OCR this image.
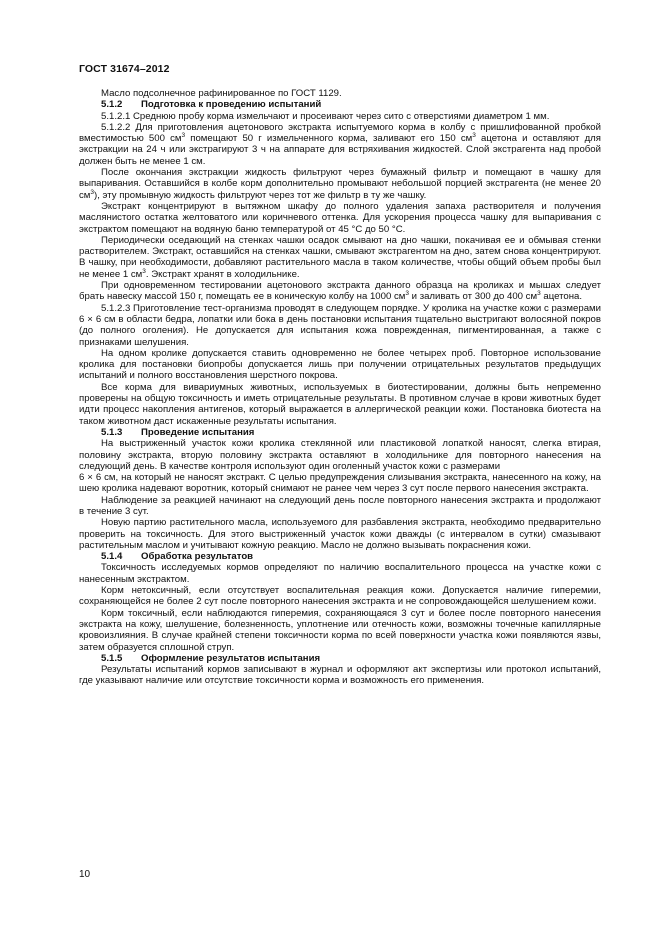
ГОСТ 31674–2012

Масло подсолнечное рафинированное по ГОСТ 1129.

5.1.2 Подготовка к проведению испытаний

5.1.2.1 Среднюю пробу корма измельчают и просеивают через сито с отверстиями диаметром 1 мм.

5.1.2.2 Для приготовления ацетонового экстракта испытуемого корма в колбу с пришлифованной пробкой вместимостью 500 $см^3$ помещают 50 г измельченного корма, заливают его 150 $см^3$ ацетона и оставляют для экстракции на 24 ч или экстрагируют 3 ч на аппарате для встряхивания жидкостей. Слой экстрагента над пробой должен быть не менее 1 см.

После окончания экстракции жидкость фильтруют через бумажный фильтр и помещают в чашку для выпаривания. Оставшийся в колбе корм дополнительно промывают небольшой порцией экстрагента (не менее 20 $см^3$), эту промывную жидкость фильтруют через тот же фильтр в ту же чашку.

Экстракт концентрируют в вытяжном шкафу до полного удаления запаха растворителя и получения маслянистого остатка желтоватого или коричневого оттенка. Для ускорения процесса чашку для выпаривания с экстрактом помещают на водяную баню температурой от 45 °С до 50 °С.

Периодически оседающий на стенках чашки осадок смывают на дно чашки, покачивая ее и обмывая стенки растворителем. Экстракт, оставшийся на стенках чашки, смывают экстрагентом на дно, затем снова концентрируют. В чашку, при необходимости, добавляют растительного масла в таком количестве, чтобы общий объем пробы был не менее 1 $см^3$. Экстракт хранят в холодильнике.

При одновременном тестировании ацетонового экстракта данного образца на кроликах и мышах следует брать навеску массой 150 г, помещать ее в коническую колбу на 1000 $см^3$ и заливать от 300 до 400 $см^3$ ацетона.

5.1.2.3 Приготовление тест-организма проводят в следующем порядке. У кролика на участке кожи с размерами 6 × 6 см в области бедра, лопатки или бока в день постановки испытания тщательно выстригают волосяной покров (до полного оголения). Не допускается для испытания кожа поврежденная, пигментированная, а также с признаками шелушения.

На одном кролике допускается ставить одновременно не более четырех проб. Повторное использование кролика для постановки биопробы допускается лишь при получении отрицательных результатов предыдущих испытаний и полного восстановления шерстного покрова.

Все корма для вивариумных животных, используемых в биотестировании, должны быть непременно проверены на общую токсичность и иметь отрицательные результаты. В противном случае в крови животных будет идти процесс накопления антигенов, который выражается в аллергической реакции кожи. Постановка биотеста на таком животном даст искаженные результаты испытания.

5.1.3 Проведение испытания

На выстриженный участок кожи кролика стеклянной или пластиковой лопаткой наносят, слегка втирая, половину экстракта, вторую половину экстракта оставляют в холодильнике для повторного нанесения на следующий день. В качестве контроля используют один оголенный участок кожи с размерами

6 × 6 см, на который не наносят экстракт. С целью предупреждения слизывания экстракта, нанесенного на кожу, на шею кролика надевают воротник, который снимают не ранее чем через 3 сут после первого нанесения экстракта.

Наблюдение за реакцией начинают на следующий день после повторного нанесения экстракта и продолжают в течение 3 сут.

Новую партию растительного масла, используемого для разбавления экстракта, необходимо предварительно проверить на токсичность. Для этого выстриженный участок кожи дважды (с интервалом в сутки) смазывают растительным маслом и учитывают кожную реакцию. Масло не должно вызывать покраснения кожи.

5.1.4 Обработка результатов

Токсичность исследуемых кормов определяют по наличию воспалительного процесса на участке кожи с нанесенным экстрактом.

Корм нетоксичный, если отсутствует воспалительная реакция кожи. Допускается наличие гиперемии, сохраняющейся не более 2 сут после повторного нанесения экстракта и не сопровождающейся шелушением кожи.

Корм токсичный, если наблюдаются гиперемия, сохраняющаяся 3 сут и более после повторного нанесения экстракта на кожу, шелушение, болезненность, уплотнение или отечность кожи, возможны точечные капиллярные кровоизлияния. В случае крайней степени токсичности корма по всей поверхности участка кожи появляются язвы, затем образуется сплошной струп.

5.1.5 Оформление результатов испытания

Результаты испытаний кормов записывают в журнал и оформляют акт экспертизы или протокол испытаний, где указывают наличие или отсутствие токсичности корма и возможность его применения.

10
